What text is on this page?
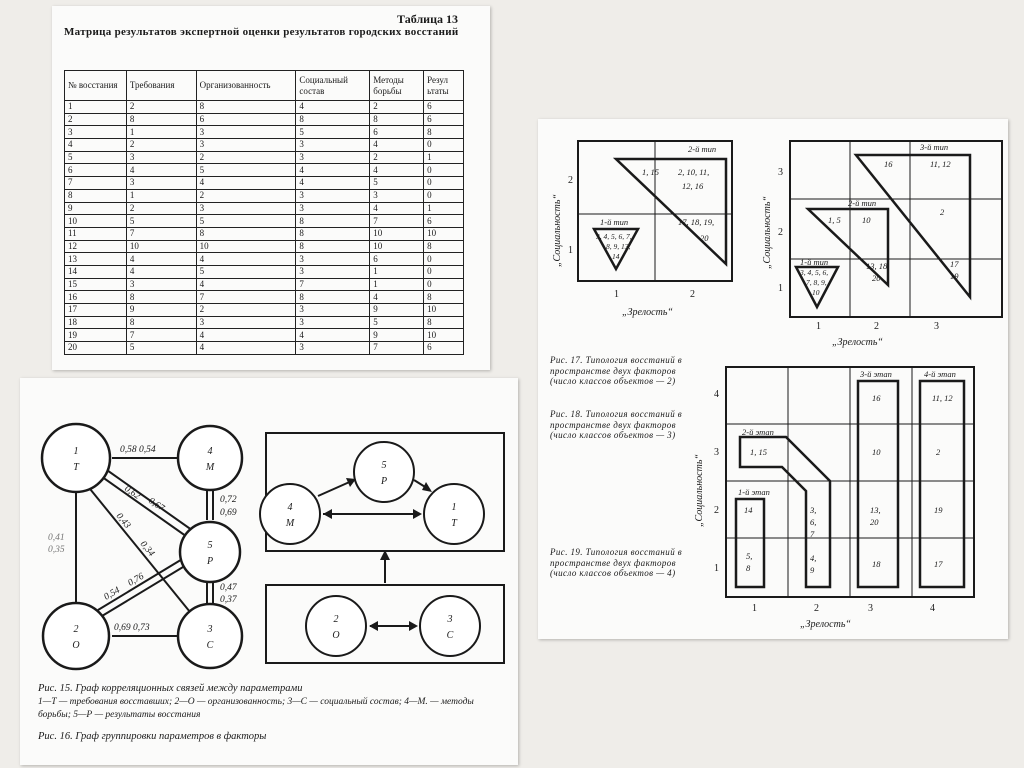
Таблица 13
Матрица результатов экспертной оценки результатов городских восстаний
№ восстания	Требования	Организованность	Социальный состав	Методы борьбы	Резул ьтаты
1	2	8	4	2	6
2	8	6	8	8	6
3	1	3	5	6	8
4	2	3	3	4	0
5	3	2	3	2	1
6	4	5	4	4	0
7	3	4	4	5	0
8	1	2	3	3	0
9	2	3	3	4	1
10	5	5	8	7	6
11	7	8	8	10	10
12	10	10	8	10	8
13	4	4	3	6	0
14	4	5	3	1	0
15	3	4	7	1	0
16	8	7	8	4	8
17	9	2	3	9	10
18	8	3	3	5	8
19	7	4	4	9	10
20	5	4	3	7	6
1
Т
4
М
5
Р
2
О
3
С
0,58 0,54
0,62
0,67
0,43
0,34
0,72
0,69
0,41
0,35
0,54
0,76	0,47
0,37
0,69 0,73
5
Р
4
М
1
Т
2
О
3
С
Рис. 15. Граф корреляционных связей между параметрами
1—Т — требования восставших; 2—О — организованность; 3—С — социальный состав; 4—М. — методы борьбы; 5—Р — результаты восстания
Рис. 16. Граф группировки параметров в факторы
2-й тип
1, 15 2, 10, 11,
12, 16
17, 18, 19,
20
1-й тип
3, 4, 5, 6, 7,
8, 9, 13,
14
2
1
1	2
„Зрелость“
„Социальность“
3-й тип
16	11, 12
2
17
19
2-й тип
1, 5	10
13, 18,
20
1-й тип
3, 4, 5, 6,
7, 8, 9,
10
3
2
1
1	2	3
„Зрелость“
„Социальность“
3-й этап	4-й этап
16	11, 12
2-й этап
1, 15	10	2
1-й этап
14	3,
6,
7
13,
20
19
5,
8
4,
9
18	17
4
3
2
1
1	2	3	4
„Зрелость“
„Социальность“
Рис. 17. Типология восстаний в пространстве двух факторов (число классов объектов — 2)
Рис. 18. Типология восстаний в пространстве двух факторов (число классов объектов — 3)
Рис. 19. Типология восстаний в пространстве двух факторов (число классов объектов — 4)
